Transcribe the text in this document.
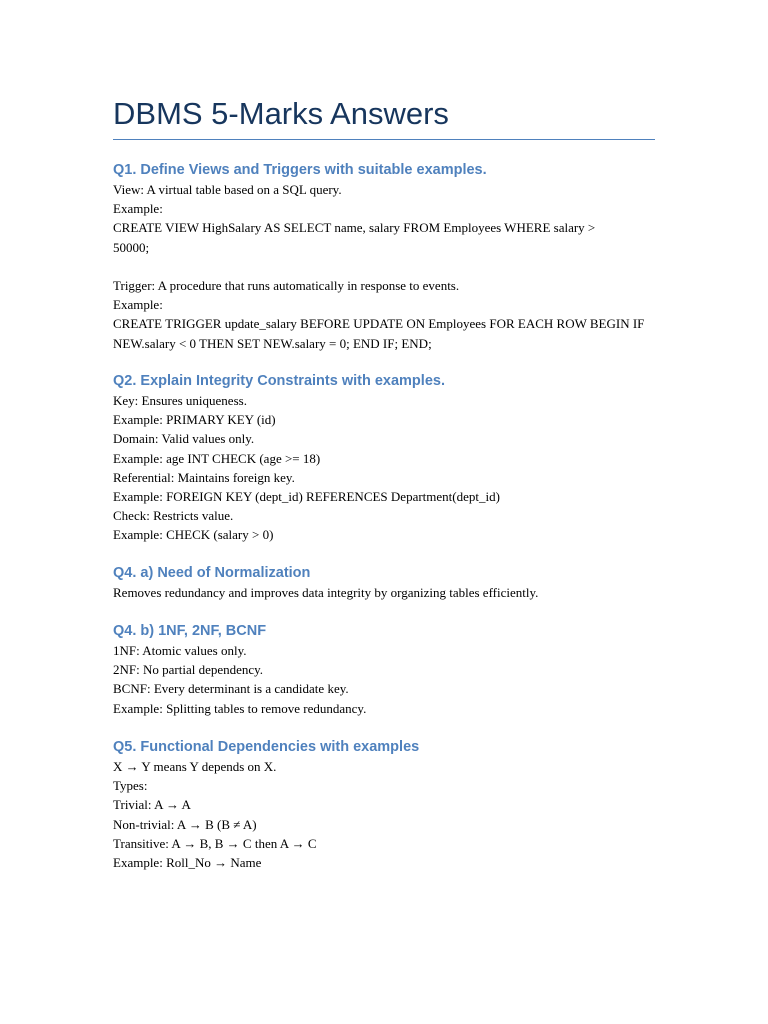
DBMS 5-Marks Answers
Q1. Define Views and Triggers with suitable examples.
View: A virtual table based on a SQL query.
Example:
CREATE VIEW HighSalary AS SELECT name, salary FROM Employees WHERE salary >
50000;
Trigger: A procedure that runs automatically in response to events.
Example:
CREATE TRIGGER update_salary BEFORE UPDATE ON Employees FOR EACH ROW BEGIN IF
NEW.salary < 0 THEN SET NEW.salary = 0; END IF; END;
Q2. Explain Integrity Constraints with examples.
Key: Ensures uniqueness.
Example: PRIMARY KEY (id)
Domain: Valid values only.
Example: age INT CHECK (age >= 18)
Referential: Maintains foreign key.
Example: FOREIGN KEY (dept_id) REFERENCES Department(dept_id)
Check: Restricts value.
Example: CHECK (salary > 0)
Q4. a) Need of Normalization
Removes redundancy and improves data integrity by organizing tables efficiently.
Q4. b) 1NF, 2NF, BCNF
1NF: Atomic values only.
2NF: No partial dependency.
BCNF: Every determinant is a candidate key.
Example: Splitting tables to remove redundancy.
Q5. Functional Dependencies with examples
X → Y means Y depends on X.
Types:
Trivial: A → A
Non-trivial: A → B (B ≠ A)
Transitive: A → B, B → C then A → C
Example: Roll_No → Name
